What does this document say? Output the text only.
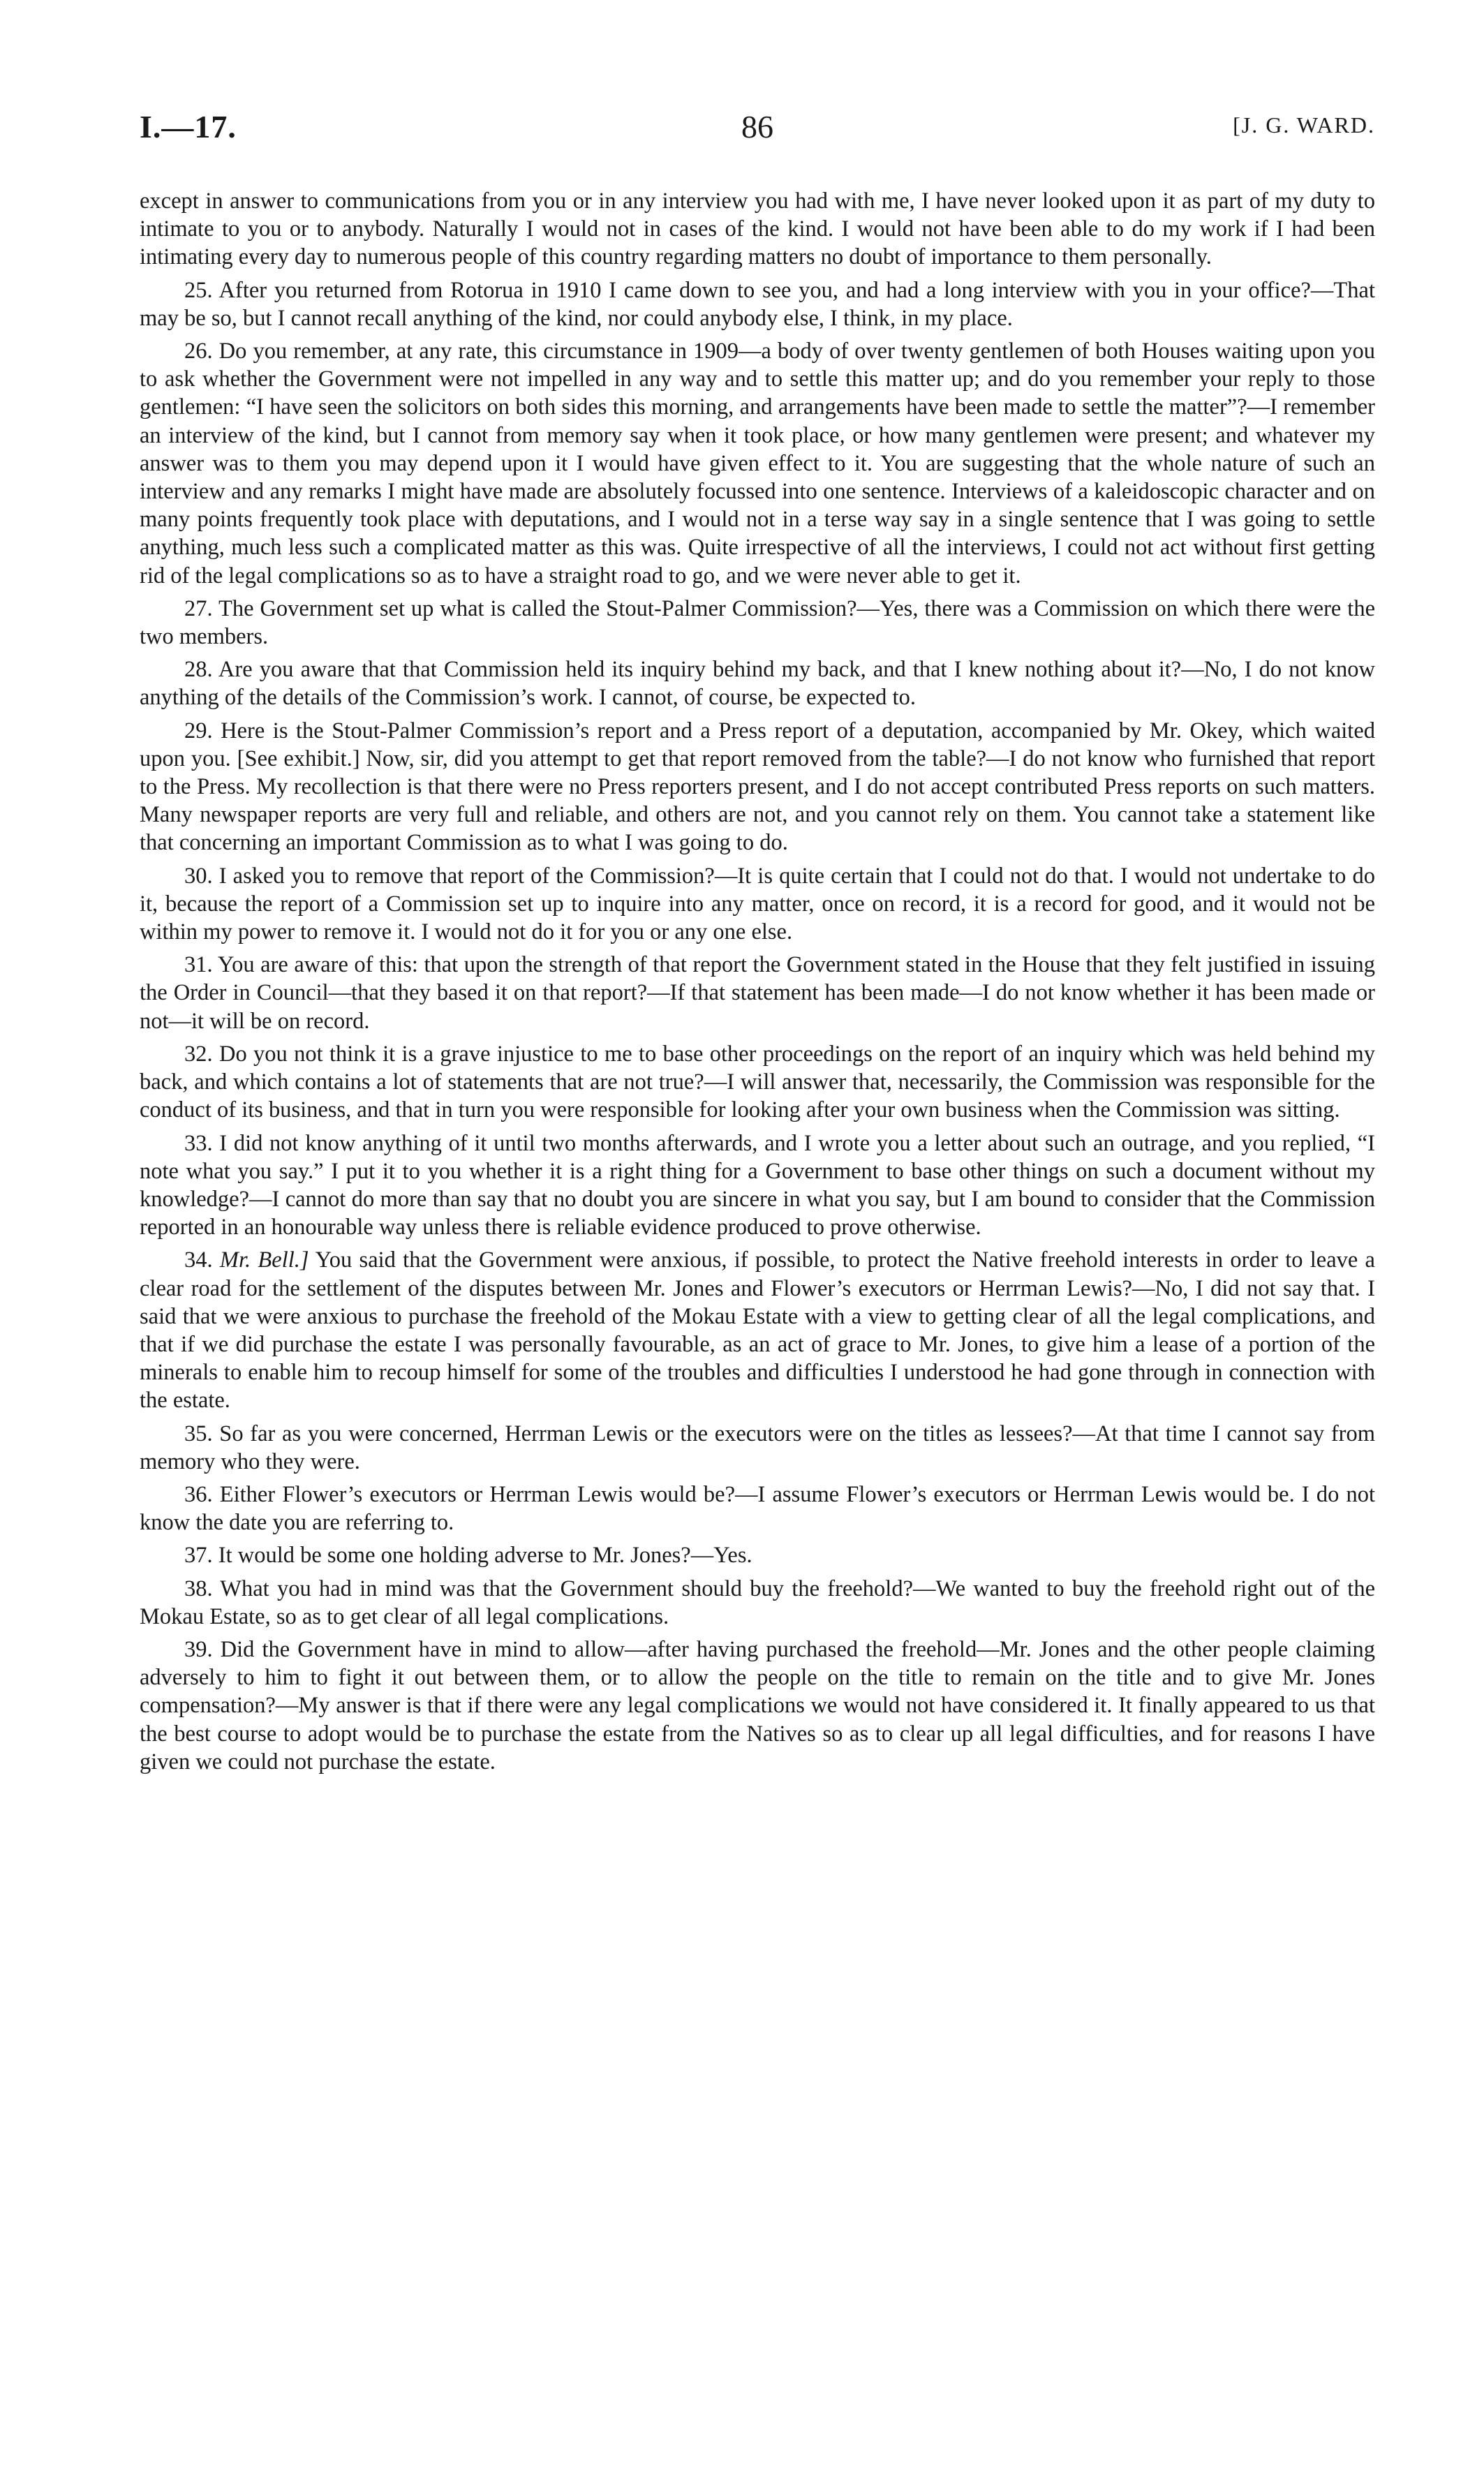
I.—17.	86	[J. G. WARD.

except in answer to communications from you or in any interview you had with me, I have never looked upon it as part of my duty to intimate to you or to anybody. Naturally I would not in cases of the kind. I would not have been able to do my work if I had been intimating every day to numerous people of this country regarding matters no doubt of importance to them personally.

25. After you returned from Rotorua in 1910 I came down to see you, and had a long interview with you in your office?—That may be so, but I cannot recall anything of the kind, nor could anybody else, I think, in my place.

26. Do you remember, at any rate, this circumstance in 1909—a body of over twenty gentlemen of both Houses waiting upon you to ask whether the Government were not impelled in any way and to settle this matter up; and do you remember your reply to those gentlemen: “I have seen the solicitors on both sides this morning, and arrangements have been made to settle the matter”?—I remember an interview of the kind, but I cannot from memory say when it took place, or how many gentlemen were present; and whatever my answer was to them you may depend upon it I would have given effect to it. You are suggesting that the whole nature of such an interview and any remarks I might have made are absolutely focussed into one sentence. Interviews of a kaleidoscopic character and on many points frequently took place with deputations, and I would not in a terse way say in a single sentence that I was going to settle anything, much less such a complicated matter as this was. Quite irrespective of all the interviews, I could not act without first getting rid of the legal complications so as to have a straight road to go, and we were never able to get it.

27. The Government set up what is called the Stout-Palmer Commission?—Yes, there was a Commission on which there were the two members.

28. Are you aware that that Commission held its inquiry behind my back, and that I knew nothing about it?—No, I do not know anything of the details of the Commission’s work. I cannot, of course, be expected to.

29. Here is the Stout-Palmer Commission’s report and a Press report of a deputation, accompanied by Mr. Okey, which waited upon you. [See exhibit.] Now, sir, did you attempt to get that report removed from the table?—I do not know who furnished that report to the Press. My recollection is that there were no Press reporters present, and I do not accept contributed Press reports on such matters. Many newspaper reports are very full and reliable, and others are not, and you cannot rely on them. You cannot take a statement like that concerning an important Commission as to what I was going to do.

30. I asked you to remove that report of the Commission?—It is quite certain that I could not do that. I would not undertake to do it, because the report of a Commission set up to inquire into any matter, once on record, it is a record for good, and it would not be within my power to remove it. I would not do it for you or any one else.

31. You are aware of this: that upon the strength of that report the Government stated in the House that they felt justified in issuing the Order in Council—that they based it on that report?—If that statement has been made—I do not know whether it has been made or not—it will be on record.

32. Do you not think it is a grave injustice to me to base other proceedings on the report of an inquiry which was held behind my back, and which contains a lot of statements that are not true?—I will answer that, necessarily, the Commission was responsible for the conduct of its business, and that in turn you were responsible for looking after your own business when the Commission was sitting.

33. I did not know anything of it until two months afterwards, and I wrote you a letter about such an outrage, and you replied, “I note what you say.” I put it to you whether it is a right thing for a Government to base other things on such a document without my knowledge?—I cannot do more than say that no doubt you are sincere in what you say, but I am bound to consider that the Commission reported in an honourable way unless there is reliable evidence produced to prove otherwise.

34. Mr. Bell.] You said that the Government were anxious, if possible, to protect the Native freehold interests in order to leave a clear road for the settlement of the disputes between Mr. Jones and Flower’s executors or Herrman Lewis?—No, I did not say that. I said that we were anxious to purchase the freehold of the Mokau Estate with a view to getting clear of all the legal complications, and that if we did purchase the estate I was personally favourable, as an act of grace to Mr. Jones, to give him a lease of a portion of the minerals to enable him to recoup himself for some of the troubles and difficulties I understood he had gone through in connection with the estate.

35. So far as you were concerned, Herrman Lewis or the executors were on the titles as lessees?—At that time I cannot say from memory who they were.

36. Either Flower’s executors or Herrman Lewis would be?—I assume Flower’s executors or Herrman Lewis would be. I do not know the date you are referring to.

37. It would be some one holding adverse to Mr. Jones?—Yes.

38. What you had in mind was that the Government should buy the freehold?—We wanted to buy the freehold right out of the Mokau Estate, so as to get clear of all legal complications.

39. Did the Government have in mind to allow—after having purchased the freehold—Mr. Jones and the other people claiming adversely to him to fight it out between them, or to allow the people on the title to remain on the title and to give Mr. Jones compensation?—My answer is that if there were any legal complications we would not have considered it. It finally appeared to us that the best course to adopt would be to purchase the estate from the Natives so as to clear up all legal difficulties, and for reasons I have given we could not purchase the estate.
